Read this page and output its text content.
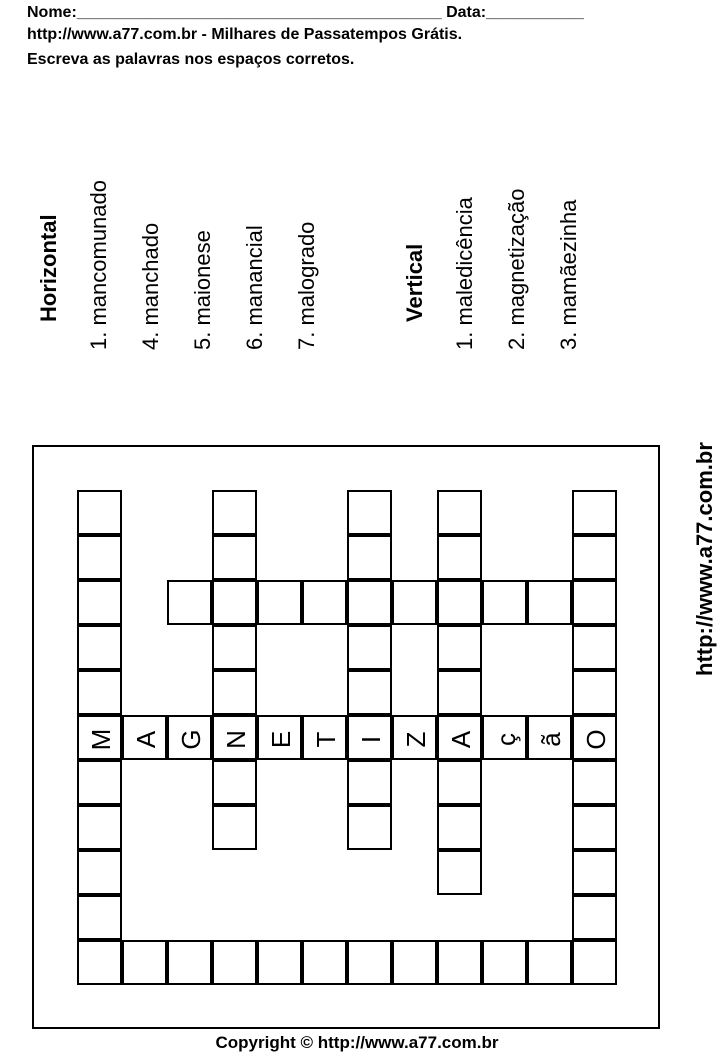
Nome:_________________________________________ Data:___________
http://www.a77.com.br - Milhares de Passatempos Grátis.
Escreva as palavras nos espaços corretos.
Horizontal 1. mancomunado 4. manchado 5. maionese 6. manancial 7. malogrado	Vertical 1. maledicência 2. magnetização 3. mamãezinha
http://www.a77.com.br
M A G N E T I Z A ç ã O
Copyright © http://www.a77.com.br
